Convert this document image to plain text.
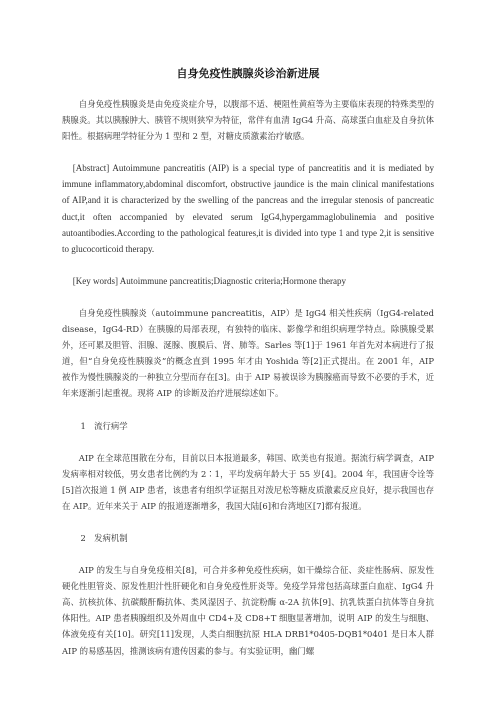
自身免疫性胰腺炎诊治新进展

自身免疫性胰腺炎是由免疫炎症介导，以腹部不适、梗阻性黄疸等为主要临床表现的特殊类型的胰腺炎。其以胰腺肿大、胰管不规则狭窄为特征，常伴有血清 IgG4 升高、高球蛋白血症及自身抗体阳性。根据病理学特征分为 1 型和 2 型，对糖皮质激素治疗敏感。

[Abstract] Autoimmune pancreatitis (AIP) is a special type of pancreatitis and it is mediated by immune inflammatory,abdominal discomfort, obstructive jaundice is the main clinical manifestations of AIP,and it is characterized by the swelling of the pancreas and the irregular stenosis of pancreatic duct,it often accompanied by elevated serum IgG4,hypergammaglobulinemia and positive autoantibodies.According to the pathological features,it is divided into type 1 and type 2,it is sensitive to glucocorticoid therapy.

[Key words] Autoimmune pancreatitis;Diagnostic criteria;Hormone therapy

自身免疫性胰腺炎（autoimmune pancreatitis，AIP）是 IgG4 相关性疾病（IgG4-related disease，IgG4-RD）在胰腺的局部表现，有独特的临床、影像学和组织病理学特点。除胰腺受累外，还可累及胆管、泪腺、涎腺、腹膜后、肾、肺等。Sarles 等[1]于 1961 年首先对本病进行了报道，但“自身免疫性胰腺炎”的概念直到 1995 年才由 Yoshida 等[2]正式提出。在 2001 年，AIP 被作为慢性胰腺炎的一种独立分型而存在[3]。由于 AIP 易被误诊为胰腺癌而导致不必要的手术，近年来逐渐引起重视。现将 AIP 的诊断及治疗进展综述如下。

1　流行病学

AIP 在全球范围散在分布，目前以日本报道最多，韩国、欧美也有报道。据流行病学调查，AIP 发病率相对较低，男女患者比例约为 2∶1，平均发病年龄大于 55 岁[4]。2004 年，我国唐令诠等[5]首次报道 1 例 AIP 患者，该患者有组织学证据且对泼尼松等糖皮质激素反应良好，提示我国也存在 AIP。近年来关于 AIP 的报道逐渐增多，我国大陆[6]和台湾地区[7]都有报道。

2　发病机制

AIP 的发生与自身免疫相关[8]，可合并多种免疫性疾病，如干燥综合征、炎症性肠病、原发性硬化性胆管炎、原发性胆汁性肝硬化和自身免疫性肝炎等。免疫学异常包括高球蛋白血症、IgG4 升高、抗核抗体、抗碳酸酐酶抗体、类风湿因子、抗淀粉酶 α-2A 抗体[9]、抗乳铁蛋白抗体等自身抗体阳性。AIP 患者胰腺组织及外周血中 CD4+及 CD8+T 细胞显著增加，说明 AIP 的发生与细胞、体液免疫有关[10]。研究[11]发现，人类白细胞抗原 HLA DRB1*0405-DQB1*0401 是日本人群 AIP 的易感基因，推测该病有遗传因素的参与。有实验证明，幽门螺
